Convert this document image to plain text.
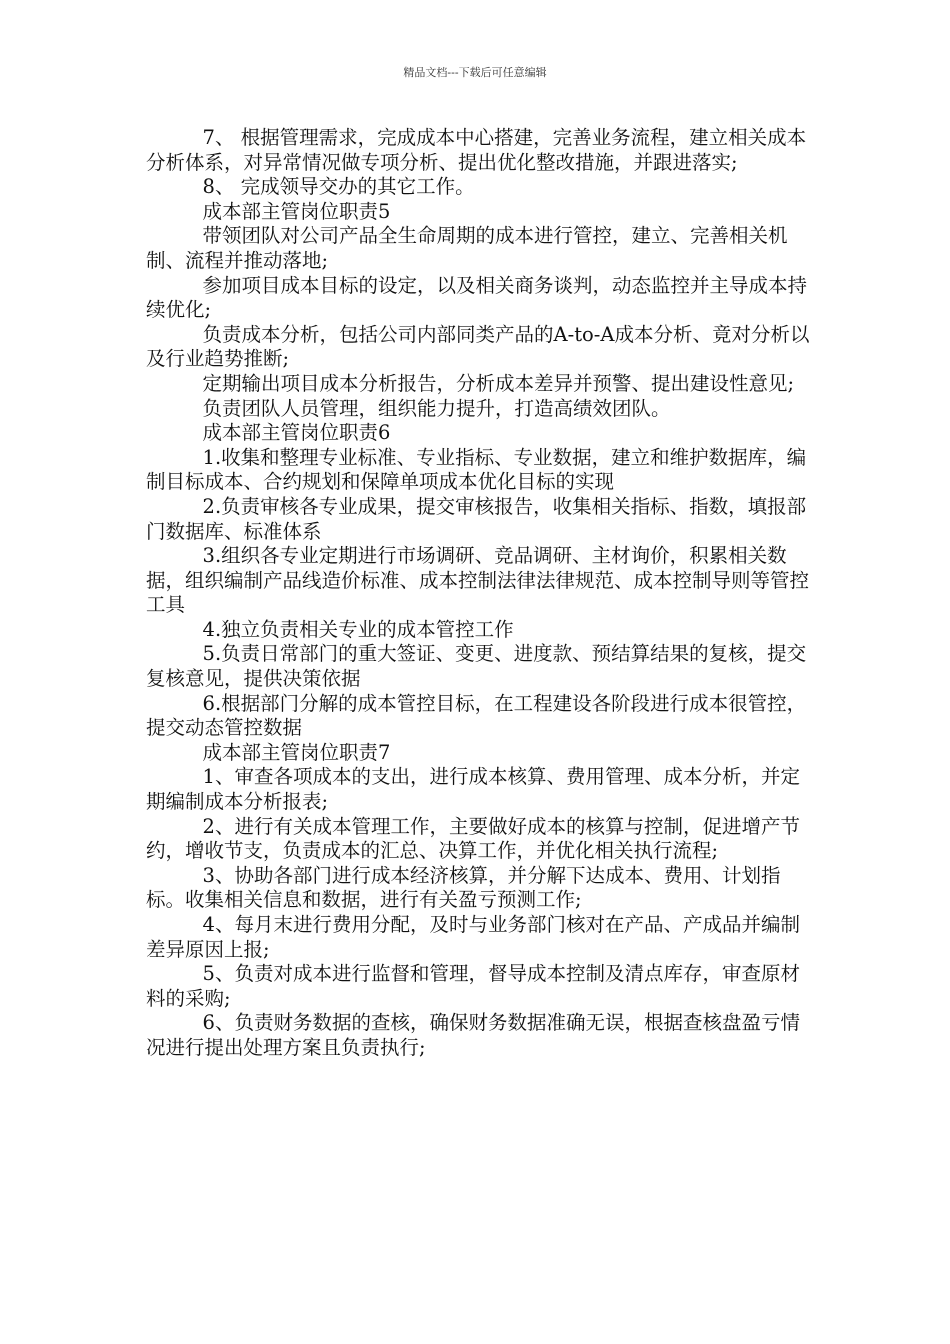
精品文档---下载后可任意编辑

7、 根据管理需求，完成成本中心搭建，完善业务流程，建立相关成本分析体系，对异常情况做专项分析、提出优化整改措施，并跟进落实;

8、 完成领导交办的其它工作。

成本部主管岗位职责5

带领团队对公司产品全生命周期的成本进行管控，建立、完善相关机制、流程并推动落地;

参加项目成本目标的设定，以及相关商务谈判，动态监控并主导成本持续优化;

负责成本分析，包括公司内部同类产品的A-to-A成本分析、竟对分析以及行业趋势推断;

定期输出项目成本分析报告，分析成本差异并预警、提出建设性意见;

负责团队人员管理，组织能力提升，打造高绩效团队。

成本部主管岗位职责6

1.收集和整理专业标准、专业指标、专业数据，建立和维护数据库，编制目标成本、合约规划和保障单项成本优化目标的实现

2.负责审核各专业成果，提交审核报告，收集相关指标、指数，填报部门数据库、标准体系

3.组织各专业定期进行市场调研、竞品调研、主材询价，积累相关数据，组织编制产品线造价标准、成本控制法律法律规范、成本控制导则等管控工具

4.独立负责相关专业的成本管控工作

5.负责日常部门的重大签证、变更、进度款、预结算结果的复核，提交复核意见，提供决策依据

6.根据部门分解的成本管控目标，在工程建设各阶段进行成本很管控，提交动态管控数据

成本部主管岗位职责7

1、审查各项成本的支出，进行成本核算、费用管理、成本分析，并定期编制成本分析报表;

2、进行有关成本管理工作，主要做好成本的核算与控制，促进增产节约，增收节支，负责成本的汇总、决算工作，并优化相关执行流程;

3、协助各部门进行成本经济核算，并分解下达成本、费用、计划指标。收集相关信息和数据，进行有关盈亏预测工作;

4、每月末进行费用分配，及时与业务部门核对在产品、产成品并编制差异原因上报;

5、负责对成本进行监督和管理，督导成本控制及清点库存，审查原材料的采购;

6、负责财务数据的查核，确保财务数据准确无误，根据查核盘盈亏情况进行提出处理方案且负责执行;
